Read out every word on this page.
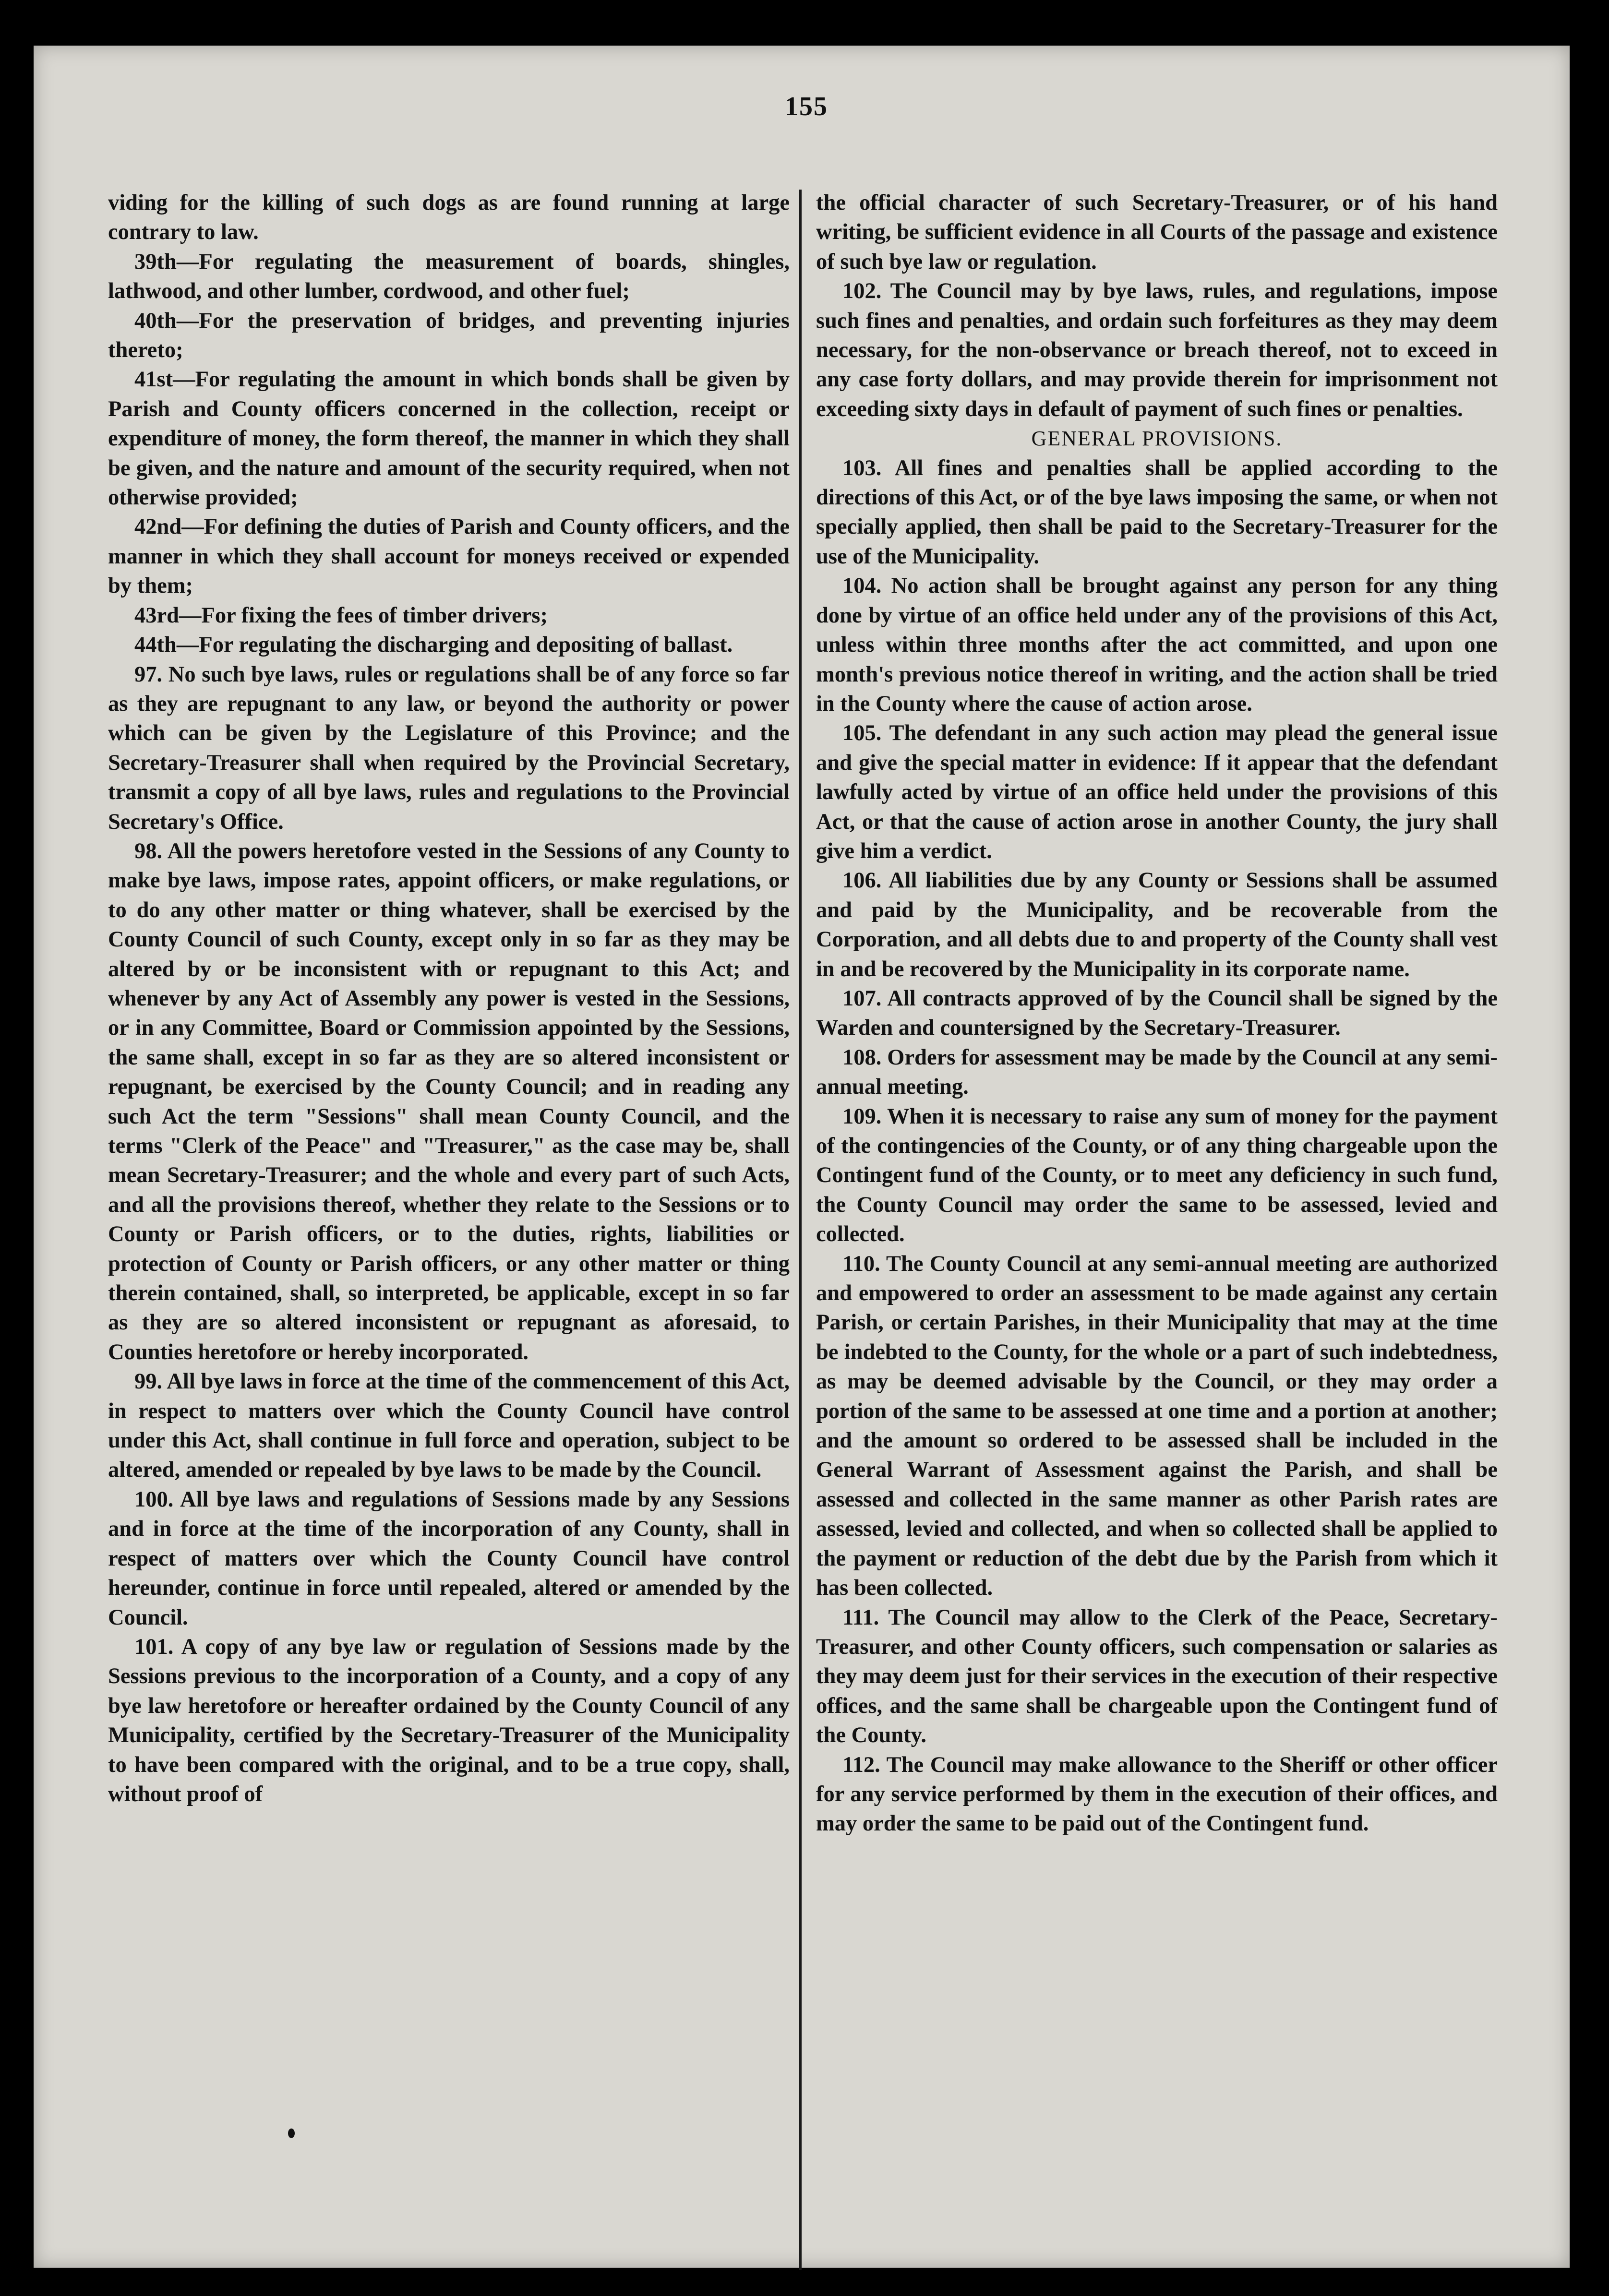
155

viding for the killing of such dogs as are found running at large contrary to law.

39th—For regulating the measurement of boards, shingles, lathwood, and other lumber, cordwood, and other fuel;

40th—For the preservation of bridges, and preventing injuries thereto;

41st—For regulating the amount in which bonds shall be given by Parish and County officers concerned in the collection, receipt or expenditure of money, the form thereof, the manner in which they shall be given, and the nature and amount of the security required, when not otherwise provided;

42nd—For defining the duties of Parish and County officers, and the manner in which they shall account for moneys received or expended by them;

43rd—For fixing the fees of timber drivers;

44th—For regulating the discharging and depositing of ballast.

97. No such bye laws, rules or regulations shall be of any force so far as they are repugnant to any law, or beyond the authority or power which can be given by the Legislature of this Province; and the Secretary-Treasurer shall when required by the Provincial Secretary, transmit a copy of all bye laws, rules and regulations to the Provincial Secretary's Office.

98. All the powers heretofore vested in the Sessions of any County to make bye laws, impose rates, appoint officers, or make regulations, or to do any other matter or thing whatever, shall be exercised by the County Council of such County, except only in so far as they may be altered by or be inconsistent with or repugnant to this Act; and whenever by any Act of Assembly any power is vested in the Sessions, or in any Committee, Board or Commission appointed by the Sessions, the same shall, except in so far as they are so altered inconsistent or repugnant, be exercised by the County Council; and in reading any such Act the term "Sessions" shall mean County Council, and the terms "Clerk of the Peace" and "Treasurer," as the case may be, shall mean Secretary-Treasurer; and the whole and every part of such Acts, and all the provisions thereof, whether they relate to the Sessions or to County or Parish officers, or to the duties, rights, liabilities or protection of County or Parish officers, or any other matter or thing therein contained, shall, so interpreted, be applicable, except in so far as they are so altered inconsistent or repugnant as aforesaid, to Counties heretofore or hereby incorporated.

99. All bye laws in force at the time of the commencement of this Act, in respect to matters over which the County Council have control under this Act, shall continue in full force and operation, subject to be altered, amended or repealed by bye laws to be made by the Council.

100. All bye laws and regulations of Sessions made by any Sessions and in force at the time of the incorporation of any County, shall in respect of matters over which the County Council have control hereunder, continue in force until repealed, altered or amended by the Council.

101. A copy of any bye law or regulation of Sessions made by the Sessions previous to the incorporation of a County, and a copy of any bye law heretofore or hereafter ordained by the County Council of any Municipality, certified by the Secretary-Treasurer of the Municipality to have been compared with the original, and to be a true copy, shall, without proof of

the official character of such Secretary-Treasurer, or of his hand writing, be sufficient evidence in all Courts of the passage and existence of such bye law or regulation.

102. The Council may by bye laws, rules, and regulations, impose such fines and penalties, and ordain such forfeitures as they may deem necessary, for the non-observance or breach thereof, not to exceed in any case forty dollars, and may provide therein for imprisonment not exceeding sixty days in default of payment of such fines or penalties.

GENERAL PROVISIONS.

103. All fines and penalties shall be applied according to the directions of this Act, or of the bye laws imposing the same, or when not specially applied, then shall be paid to the Secretary-Treasurer for the use of the Municipality.

104. No action shall be brought against any person for any thing done by virtue of an office held under any of the provisions of this Act, unless within three months after the act committed, and upon one month's previous notice thereof in writing, and the action shall be tried in the County where the cause of action arose.

105. The defendant in any such action may plead the general issue and give the special matter in evidence: If it appear that the defendant lawfully acted by virtue of an office held under the provisions of this Act, or that the cause of action arose in another County, the jury shall give him a verdict.

106. All liabilities due by any County or Sessions shall be assumed and paid by the Municipality, and be recoverable from the Corporation, and all debts due to and property of the County shall vest in and be recovered by the Municipality in its corporate name.

107. All contracts approved of by the Council shall be signed by the Warden and countersigned by the Secretary-Treasurer.

108. Orders for assessment may be made by the Council at any semi-annual meeting.

109. When it is necessary to raise any sum of money for the payment of the contingencies of the County, or of any thing chargeable upon the Contingent fund of the County, or to meet any deficiency in such fund, the County Council may order the same to be assessed, levied and collected.

110. The County Council at any semi-annual meeting are authorized and empowered to order an assessment to be made against any certain Parish, or certain Parishes, in their Municipality that may at the time be indebted to the County, for the whole or a part of such indebtedness, as may be deemed advisable by the Council, or they may order a portion of the same to be assessed at one time and a portion at another; and the amount so ordered to be assessed shall be included in the General Warrant of Assessment against the Parish, and shall be assessed and collected in the same manner as other Parish rates are assessed, levied and collected, and when so collected shall be applied to the payment or reduction of the debt due by the Parish from which it has been collected.

111. The Council may allow to the Clerk of the Peace, Secretary-Treasurer, and other County officers, such compensation or salaries as they may deem just for their services in the execution of their respective offices, and the same shall be chargeable upon the Contingent fund of the County.

112. The Council may make allowance to the Sheriff or other officer for any service performed by them in the execution of their offices, and may order the same to be paid out of the Contingent fund.
